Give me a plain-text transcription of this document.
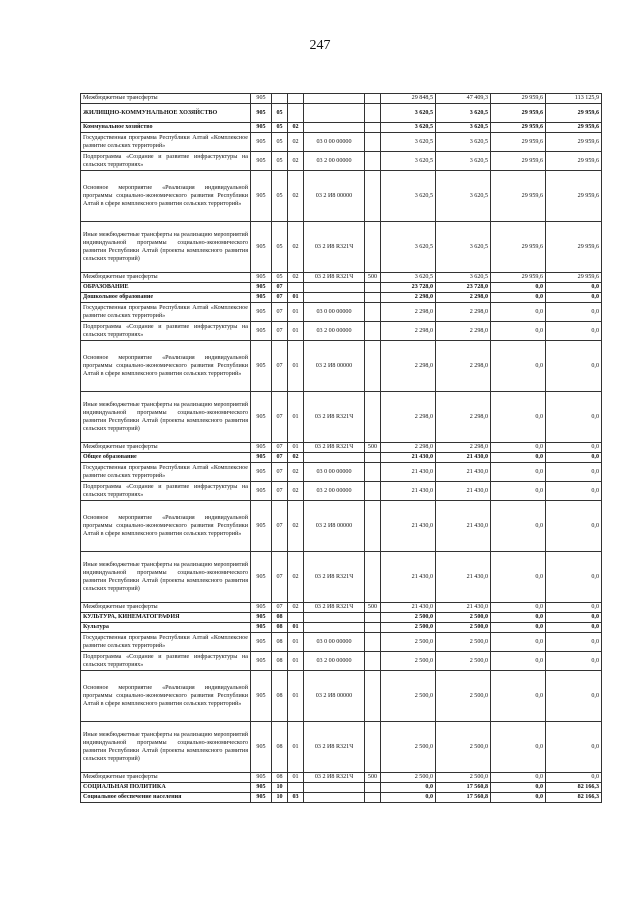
247
Межбюджетные трансферты	905					29 848,5	47 409,3	29 959,6	113 125,9
ЖИЛИЩНО-КОММУНАЛЬНОЕ ХОЗЯЙСТВО	905	05				3 620,5	3 620,5	29 959,6	29 959,6
Коммунальное хозяйство	905	05	02			3 620,5	3 620,5	29 959,6	29 959,6
Государственная программа Республики Алтай «Комплексное развитие сельских территорий»	905	05	02	03 0 00 00000		3 620,5	3 620,5	29 959,6	29 959,6
Подпрограмма «Создание и развитие инфраструктуры на сельских территориях»	905	05	02	03 2 00 00000		3 620,5	3 620,5	29 959,6	29 959,6
Основное мероприятие «Реализация индивидуальной программы социально-экономического развития Республики Алтай в сфере комплексного развития сельских территорий»	905	05	02	03 2 И8 00000		3 620,5	3 620,5	29 959,6	29 959,6
Иные межбюджетные трансферты на реализацию мероприятий индивидуальной программы социально-экономического развития Республики Алтай (проекты комплексного развития сельских территорий)	905	05	02	03 2 И8 R321Ч		3 620,5	3 620,5	29 959,6	29 959,6
Межбюджетные трансферты	905	05	02	03 2 И8 R321Ч	500	3 620,5	3 620,5	29 959,6	29 959,6
ОБРАЗОВАНИЕ	905	07				23 728,0	23 728,0	0,0	0,0
Дошкольное образование	905	07	01			2 298,0	2 298,0	0,0	0,0
Государственная программа Республики Алтай «Комплексное развитие сельских территорий»	905	07	01	03 0 00 00000		2 298,0	2 298,0	0,0	0,0
Подпрограмма «Создание и развитие инфраструктуры на сельских территориях»	905	07	01	03 2 00 00000		2 298,0	2 298,0	0,0	0,0
Основное мероприятие «Реализация индивидуальной программы социально-экономического развития Республики Алтай в сфере комплексного развития сельских территорий»	905	07	01	03 2 И8 00000		2 298,0	2 298,0	0,0	0,0
Иные межбюджетные трансферты на реализацию мероприятий индивидуальной программы социально-экономического развития Республики Алтай (проекты комплексного развития сельских территорий)	905	07	01	03 2 И8 R321Ч		2 298,0	2 298,0	0,0	0,0
Межбюджетные трансферты	905	07	01	03 2 И8 R321Ч	500	2 298,0	2 298,0	0,0	0,0
Общее образование	905	07	02			21 430,0	21 430,0	0,0	0,0
Государственная программа Республики Алтай «Комплексное развитие сельских территорий»	905	07	02	03 0 00 00000		21 430,0	21 430,0	0,0	0,0
Подпрограмма «Создание и развитие инфраструктуры на сельских территориях»	905	07	02	03 2 00 00000		21 430,0	21 430,0	0,0	0,0
Основное мероприятие «Реализация индивидуальной программы социально-экономического развития Республики Алтай в сфере комплексного развития сельских территорий»	905	07	02	03 2 И8 00000		21 430,0	21 430,0	0,0	0,0
Иные межбюджетные трансферты на реализацию мероприятий индивидуальной программы социально-экономического развития Республики Алтай (проекты комплексного развития сельских территорий)	905	07	02	03 2 И8 R321Ч		21 430,0	21 430,0	0,0	0,0
Межбюджетные трансферты	905	07	02	03 2 И8 R321Ч	500	21 430,0	21 430,0	0,0	0,0
КУЛЬТУРА, КИНЕМАТОГРАФИЯ	905	08				2 500,0	2 500,0	0,0	0,0
Культура	905	08	01			2 500,0	2 500,0	0,0	0,0
Государственная программа Республики Алтай «Комплексное развитие сельских территорий»	905	08	01	03 0 00 00000		2 500,0	2 500,0	0,0	0,0
Подпрограмма «Создание и развитие инфраструктуры на сельских территориях»	905	08	01	03 2 00 00000		2 500,0	2 500,0	0,0	0,0
Основное мероприятие «Реализация индивидуальной программы социально-экономического развития Республики Алтай в сфере комплексного развития сельских территорий»	905	08	01	03 2 И8 00000		2 500,0	2 500,0	0,0	0,0
Иные межбюджетные трансферты на реализацию мероприятий индивидуальной программы социально-экономического развития Республики Алтай (проекты комплексного развития сельских территорий)	905	08	01	03 2 И8 R321Ч		2 500,0	2 500,0	0,0	0,0
Межбюджетные трансферты	905	08	01	03 2 И8 R321Ч	500	2 500,0	2 500,0	0,0	0,0
СОЦИАЛЬНАЯ ПОЛИТИКА	905	10				0,0	17 560,8	0,0	82 166,3
Социальное обеспечение населения	905	10	03			0,0	17 560,8	0,0	82 166,3
